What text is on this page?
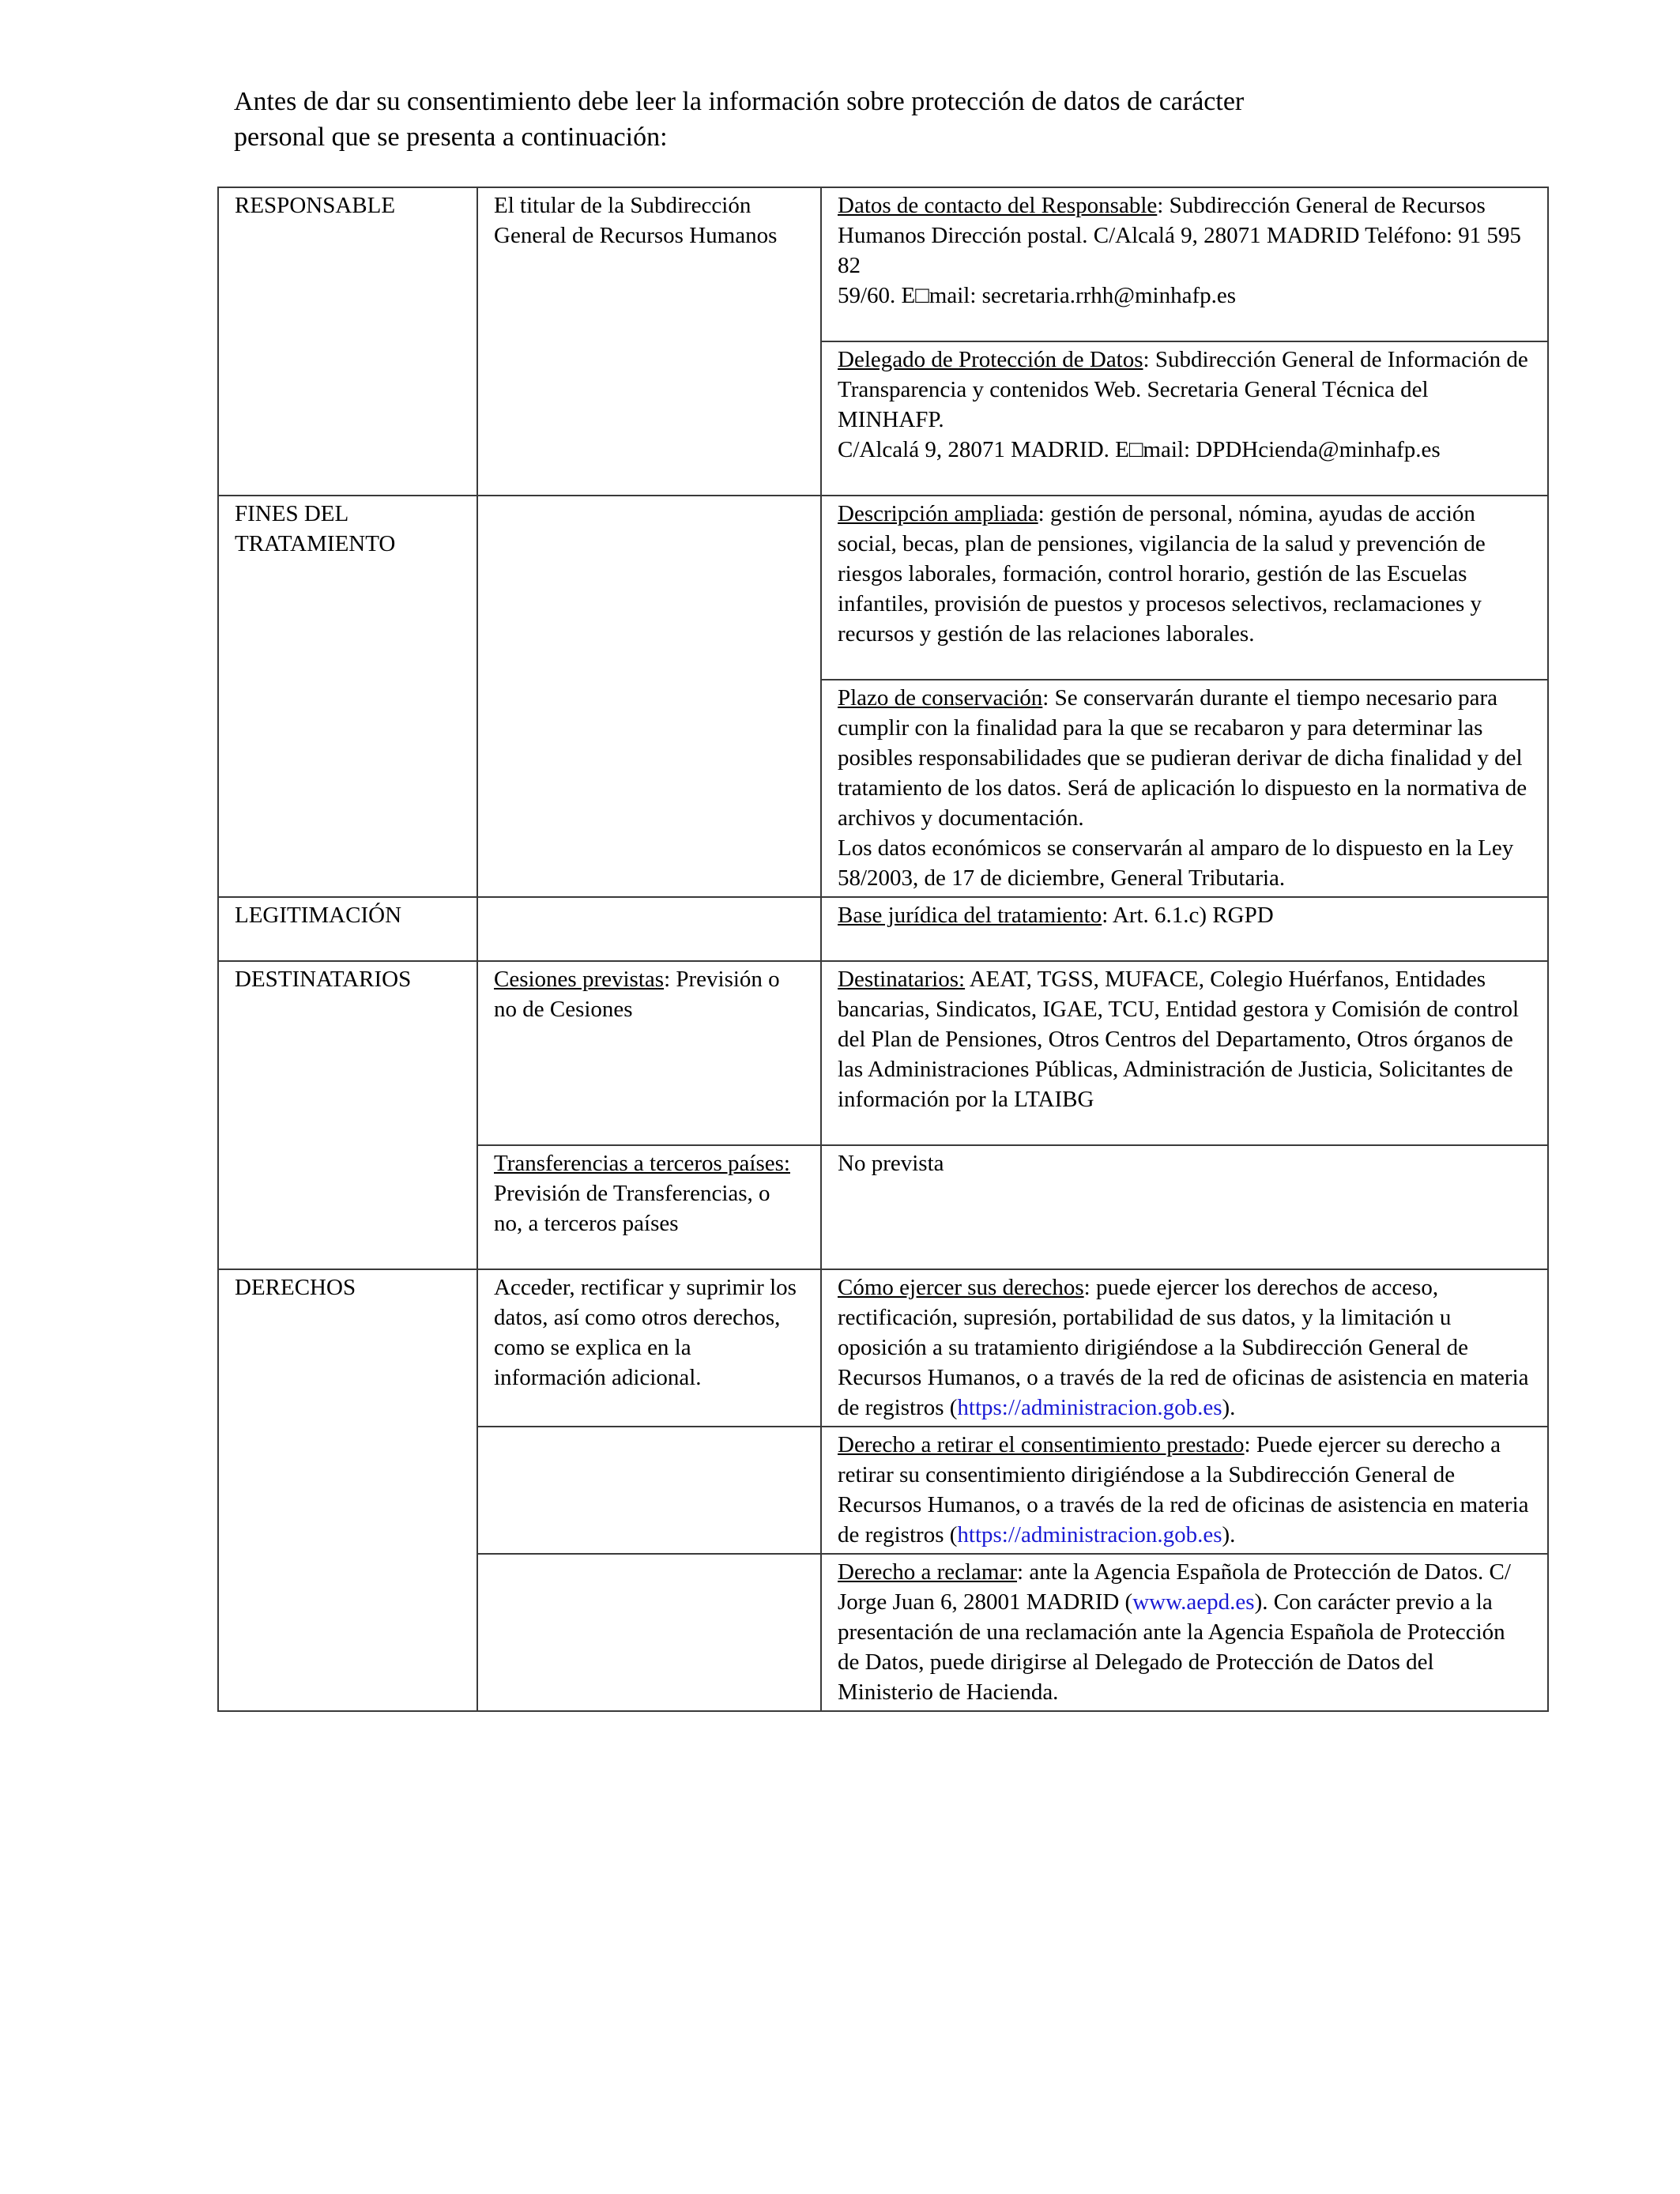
Antes de dar su consentimiento debe leer la información sobre protección de datos de carácter
personal que se presenta a continuación:
RESPONSABLE	El titular de la Subdirección General de Recursos Humanos	Datos de contacto del Responsable: Subdirección General de Recursos
Humanos Dirección postal. C/Alcalá 9, 28071 MADRID Teléfono: 91 595 82
59/60. E□mail: secretaria.rrhh@minhafp.es
		Delegado de Protección de Datos: Subdirección General de Información de
Transparencia y contenidos Web. Secretaria General Técnica del MINHAFP.
C/Alcalá 9, 28071 MADRID. E□mail: DPDHcienda@minhafp.es
FINES DEL TRATAMIENTO		Descripción ampliada: gestión de personal, nómina, ayudas de acción social, becas, plan de pensiones, vigilancia de la salud y prevención de riesgos laborales, formación, control horario, gestión de las Escuelas infantiles, provisión de puestos y procesos selectivos, reclamaciones y recursos y gestión de las relaciones laborales.
		Plazo de conservación: Se conservarán durante el tiempo necesario para cumplir con la finalidad para la que se recabaron y para determinar las posibles responsabilidades que se pudieran derivar de dicha finalidad y del tratamiento de los datos. Será de aplicación lo dispuesto en la normativa de archivos y documentación.
Los datos económicos se conservarán al amparo de lo dispuesto en la Ley 58/2003, de 17 de diciembre, General Tributaria.
LEGITIMACIÓN		Base jurídica del tratamiento: Art. 6.1.c) RGPD
DESTINATARIOS	Cesiones previstas: Previsión o no de Cesiones	Destinatarios: AEAT, TGSS, MUFACE, Colegio Huérfanos, Entidades bancarias, Sindicatos, IGAE, TCU, Entidad gestora y Comisión de control del Plan de Pensiones, Otros Centros del Departamento, Otros órganos de las Administraciones Públicas, Administración de Justicia, Solicitantes de información por la LTAIBG
	Transferencias a terceros países: Previsión de Transferencias, o no, a terceros países	No prevista
DERECHOS	Acceder, rectificar y suprimir los datos, así como otros derechos, como se explica en la información adicional.	Cómo ejercer sus derechos: puede ejercer los derechos de acceso, rectificación, supresión, portabilidad de sus datos, y la limitación u oposición a su tratamiento dirigiéndose a la Subdirección General de Recursos Humanos, o a través de la red de oficinas de asistencia en materia de registros (https://administracion.gob.es).
		Derecho a retirar el consentimiento prestado: Puede ejercer su derecho a retirar su consentimiento dirigiéndose a la Subdirección General de Recursos Humanos, o a través de la red de oficinas de asistencia en materia de registros (https://administracion.gob.es).
		Derecho a reclamar: ante la Agencia Española de Protección de Datos. C/ Jorge Juan 6, 28001 MADRID (www.aepd.es). Con carácter previo a la presentación de una reclamación ante la Agencia Española de Protección de Datos, puede dirigirse al Delegado de Protección de Datos del Ministerio de Hacienda.
